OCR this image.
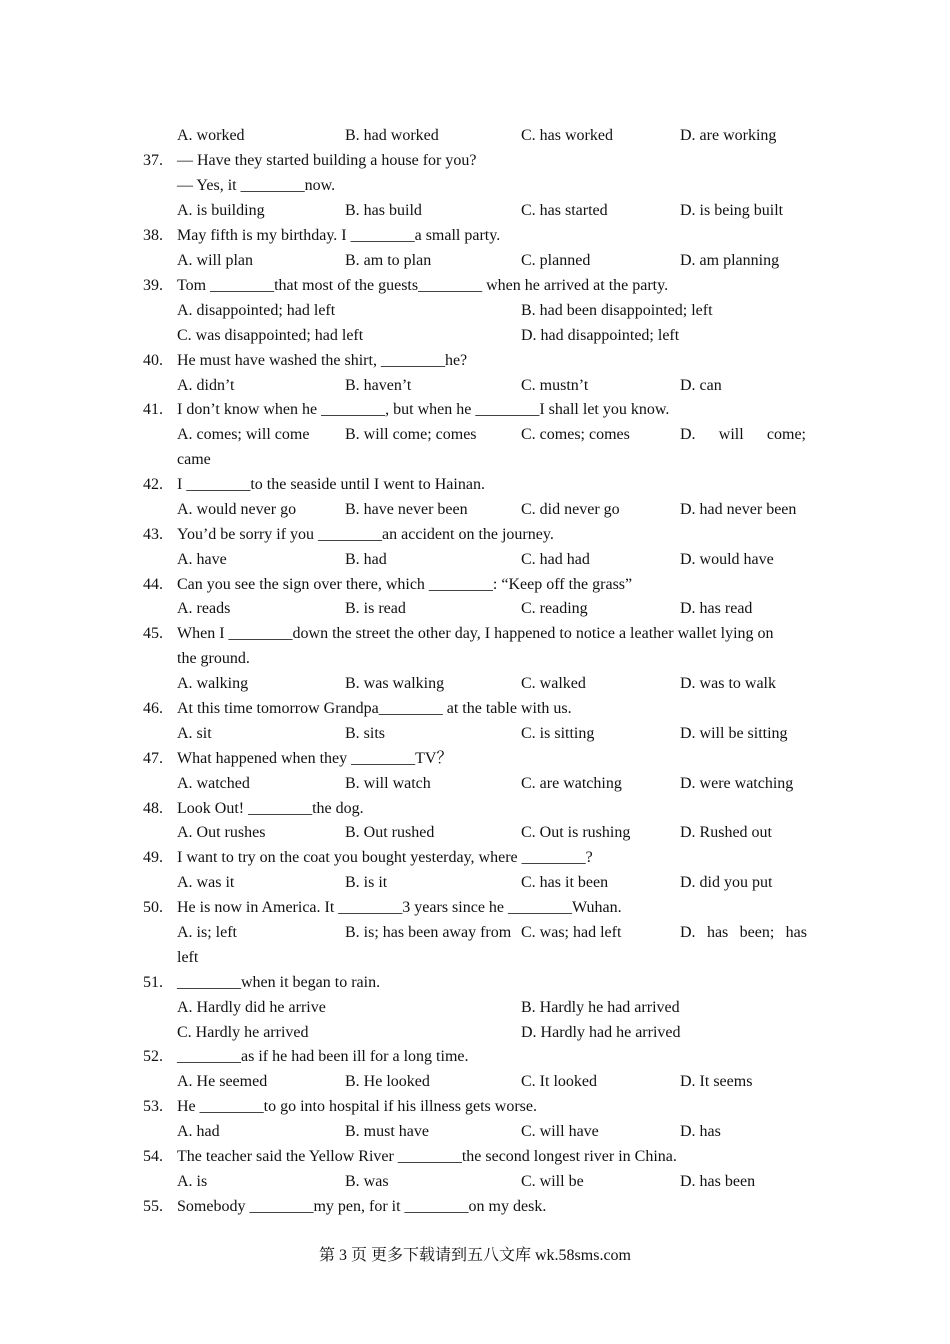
A. worked	B. had worked	C. has worked	D. are working
37. — Have they started building a house for you?
— Yes, it ________now.
A. is building	B. has build	C. has started	D. is being built
38. May fifth is my birthday. I ________a small party.
A. will plan	B. am to plan	C. planned	D. am planning
39. Tom ________that most of the guests________ when he arrived at the party.
A. disappointed; had left	B. had been disappointed; left
C. was disappointed; had left	D. had disappointed; left
40. He must have washed the shirt, ________he?
A. didn’t	B. haven’t	C. mustn’t	D. can
41. I don’t know when he ________, but when he ________I shall let you know.
A. comes; will come B. will come; comes	C. comes; comes	D. will come;
came
42. I ________to the seaside until I went to Hainan.
A. would never go	B. have never been	C. did never go	D. had never been
43. You’d be sorry if you ________an accident on the journey.
A. have	B. had	C. had had	D. would have
44. Can you see the sign over there, which ________: “Keep off the grass”
A. reads	B. is read	C. reading	D. has read
45. When I ________down the street the other day, I happened to notice a leather wallet lying on
the ground.
A. walking	B. was walking	C. walked	D. was to walk
46. At this time tomorrow Grandpa________ at the table with us.
A. sit	B. sits	C. is sitting	D. will be sitting
47. What happened when they ________TV？
A. watched	B. will watch	C. are watching	D. were watching
48. Look Out! ________the dog.
A. Out rushes	B. Out rushed	C. Out is rushing	D. Rushed out
49. I want to try on the coat you bought yesterday, where ________?
A. was it	B. is it	C. has it been	D. did you put
50. He is now in America. It ________3 years since he ________Wuhan.
A. is; left	B. is; has been away from C. was; had left	D. has been; has
left
51. ________when it began to rain.
A. Hardly did he arrive	B. Hardly he had arrived
C. Hardly he arrived	D. Hardly had he arrived
52. ________as if he had been ill for a long time.
A. He seemed	B. He looked	C. It looked	D. It seems
53. He ________to go into hospital if his illness gets worse.
A. had	B. must have	C. will have	D. has
54. The teacher said the Yellow River ________the second longest river in China.
A. is	B. was	C. will be	D. has been
55. Somebody ________my pen, for it ________on my desk.
第 3 页 更多下载请到五八文库 wk.58sms.com
